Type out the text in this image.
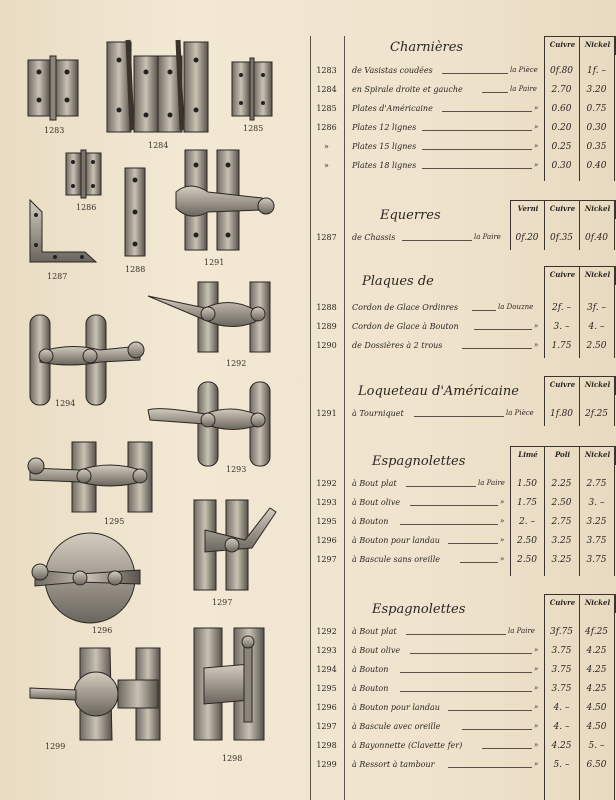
1283
1284
1285
1286
1287
1288
1291
1292
1294
1293
1295
1297
1296
1299
1298
Charnières	Cuivre	Nickel
1283	de Vasistas coudées	la Pièce	0f.80	1f. –
1284	en Spirale droite et gauche	la Paire	2.70	3.20
1285	Plates d'Américaine	»	0.60	0.75
1286	Plates 12 lignes	»	0.20	0.30
»	Plates 15 lignes	»	0.25	0.35
»	Plates 18 lignes	»	0.30	0.40
Equerres	Verni	Cuivre	Nickel
1287	de Chassis	la Paire	0f.20	0f.35	0f.40
Plaques de	Cuivre	Nickel
1288	Cordon de Glace Ordinres	la Douzne	2f. –	3f. –
1289	Cordon de Glace à Bouton	»	3. –	4. –
1290	de Dossières à 2 trous	»	1.75	2.50
Loqueteau d'Américaine	Cuivre	Nickel
1291	à Tourniquet	la Pièce	1f.80	2f.25
Espagnolettes	Limé	Poli	Nickel
1292	à Bout plat	la Paire	1.50	2.25	2.75
1293	à Bout olive	»	1.75	2.50	3. –
1295	à Bouton	»	2. –	2.75	3.25
1296	à Bouton pour landau	»	2.50	3.25	3.75
1297	à Bascule sans oreille	»	2.50	3.25	3.75
Espagnolettes	Cuivre	Nickel
1292	à Bout plat	la Paire	3f.75	4f.25
1293	à Bout olive	»	3.75	4.25
1294	à Bouton	»	3.75	4.25
1295	à Bouton	»	3.75	4.25
1296	à Bouton pour landau	»	4. –	4.50
1297	à Bascule avec oreille	»	4. –	4.50
1298	à Bayonnette (Clavette fer)	»	4.25	5. –
1299	à Ressort à tambour	»	5. –	6.50
